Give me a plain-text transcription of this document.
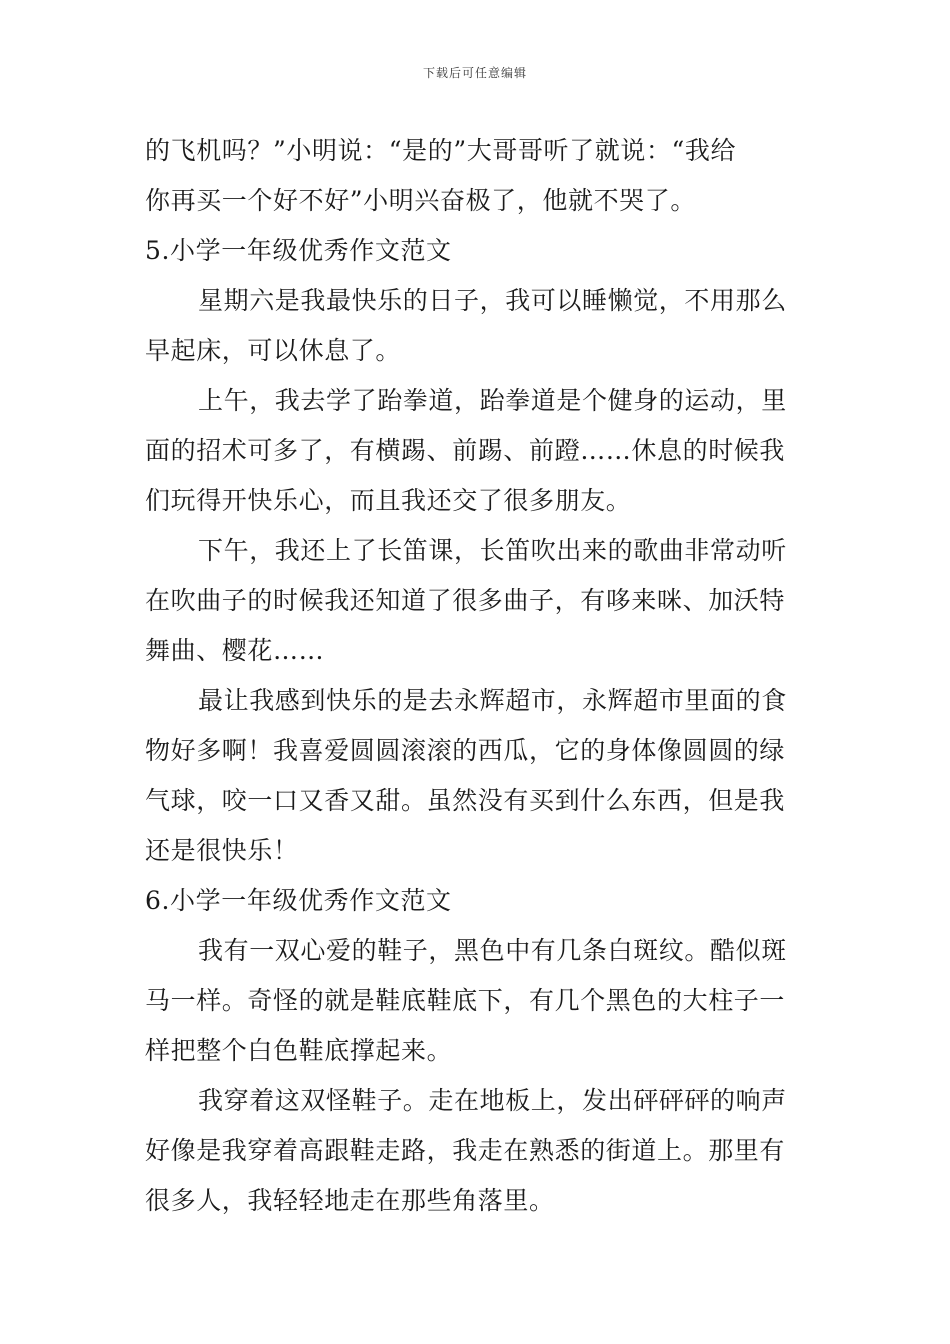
下载后可任意编辑
的飞机吗？”小明说：“是的”大哥哥听了就说：“我给
你再买一个好不好”小明兴奋极了，他就不哭了。
5.小学一年级优秀作文范文
星期六是我最快乐的日子，我可以睡懒觉，不用那么
早起床，可以休息了。
上午，我去学了跆拳道，跆拳道是个健身的运动，里
面的招术可多了，有横踢、前踢、前蹬……休息的时候我
们玩得开快乐心，而且我还交了很多朋友。
下午，我还上了长笛课，长笛吹出来的歌曲非常动听
在吹曲子的时候我还知道了很多曲子，有哆来咪、加沃特
舞曲、樱花……
最让我感到快乐的是去永辉超市，永辉超市里面的食
物好多啊！我喜爱圆圆滚滚的西瓜，它的身体像圆圆的绿
气球，咬一口又香又甜。虽然没有买到什么东西，但是我
还是很快乐！
6.小学一年级优秀作文范文
我有一双心爱的鞋子，黑色中有几条白斑纹。酷似斑
马一样。奇怪的就是鞋底鞋底下，有几个黑色的大柱子一
样把整个白色鞋底撑起来。
我穿着这双怪鞋子。走在地板上，发出砰砰砰的响声
好像是我穿着高跟鞋走路，我走在熟悉的街道上。那里有
很多人，我轻轻地走在那些角落里。
